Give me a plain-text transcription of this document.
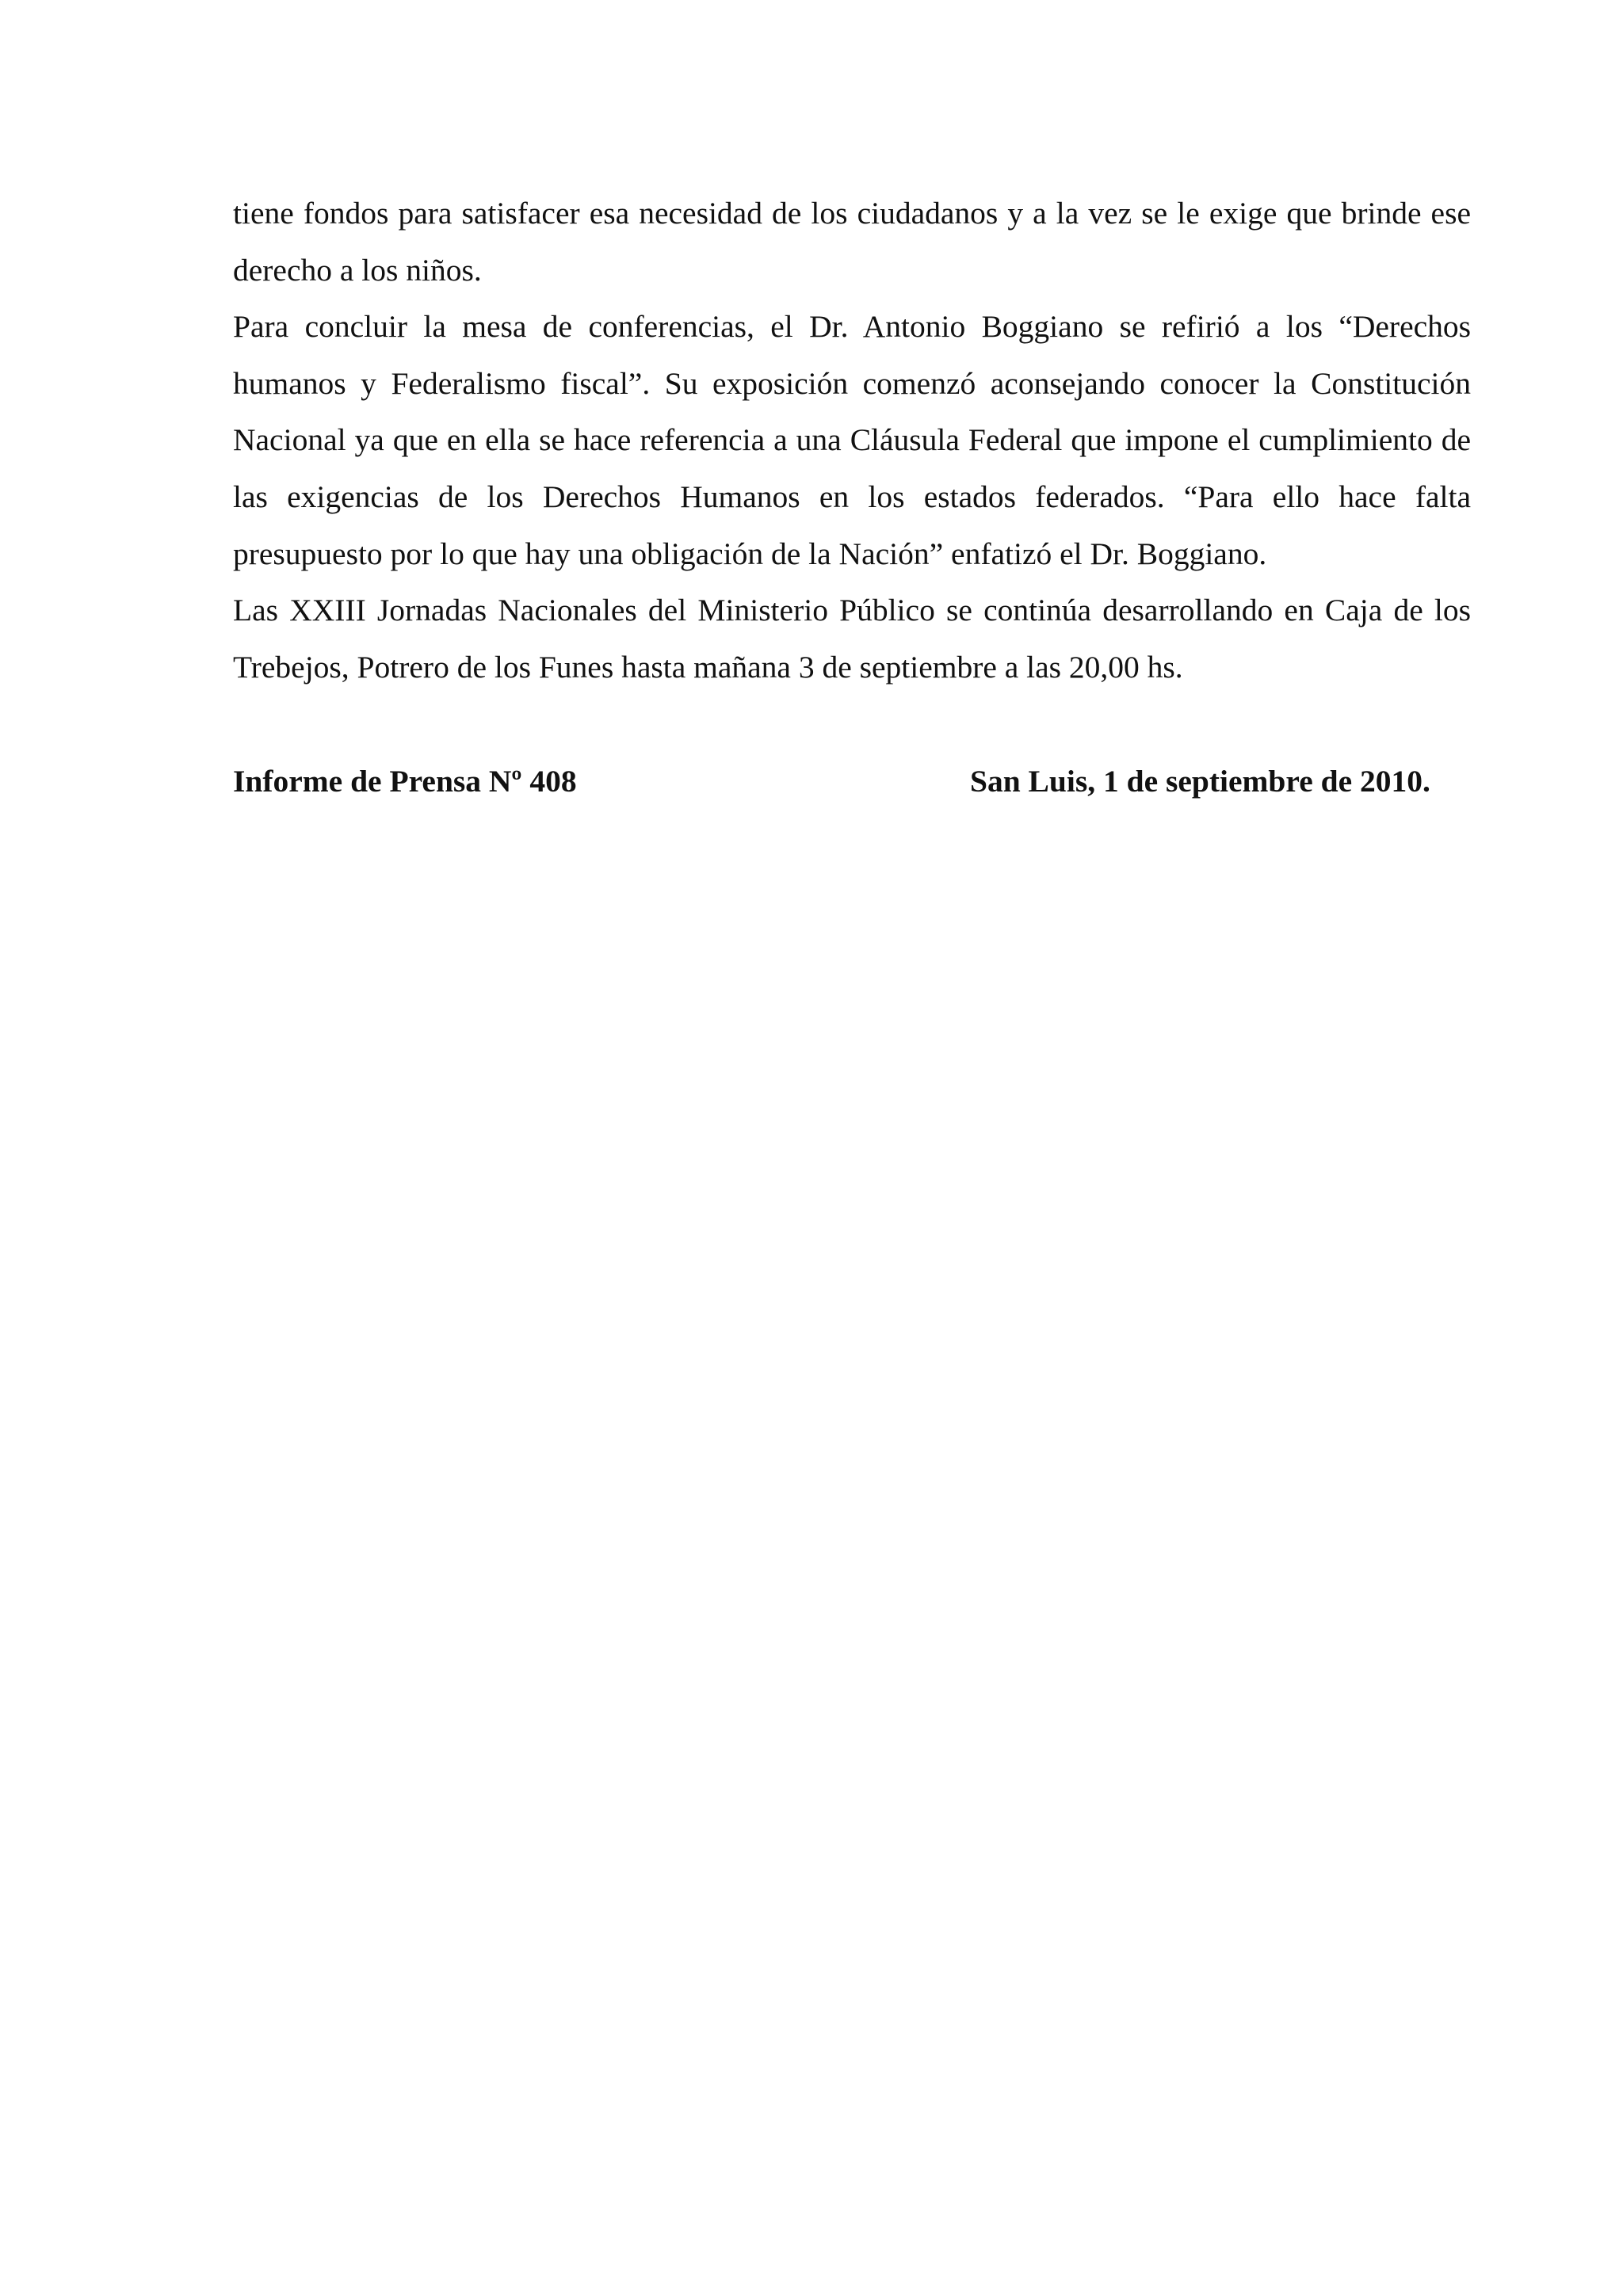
tiene fondos para satisfacer esa necesidad de los ciudadanos y a la vez se le exige que brinde ese derecho a los niños.

Para concluir la mesa de conferencias, el Dr. Antonio Boggiano se refirió a los “Derechos humanos y Federalismo fiscal”. Su exposición comenzó aconsejando conocer la Constitución Nacional ya que en ella se hace referencia a una Cláusula Federal que impone el cumplimiento de las exigencias de los Derechos Humanos en los estados federados. “Para ello hace falta presupuesto por lo que hay una obligación de la Nación” enfatizó el Dr. Boggiano.

Las XXIII Jornadas Nacionales del Ministerio Público se continúa desarrollando en Caja de los Trebejos, Potrero de los Funes hasta mañana 3 de septiembre a las 20,00 hs.

Informe de Prensa Nº 408	San Luis, 1 de septiembre de 2010.
